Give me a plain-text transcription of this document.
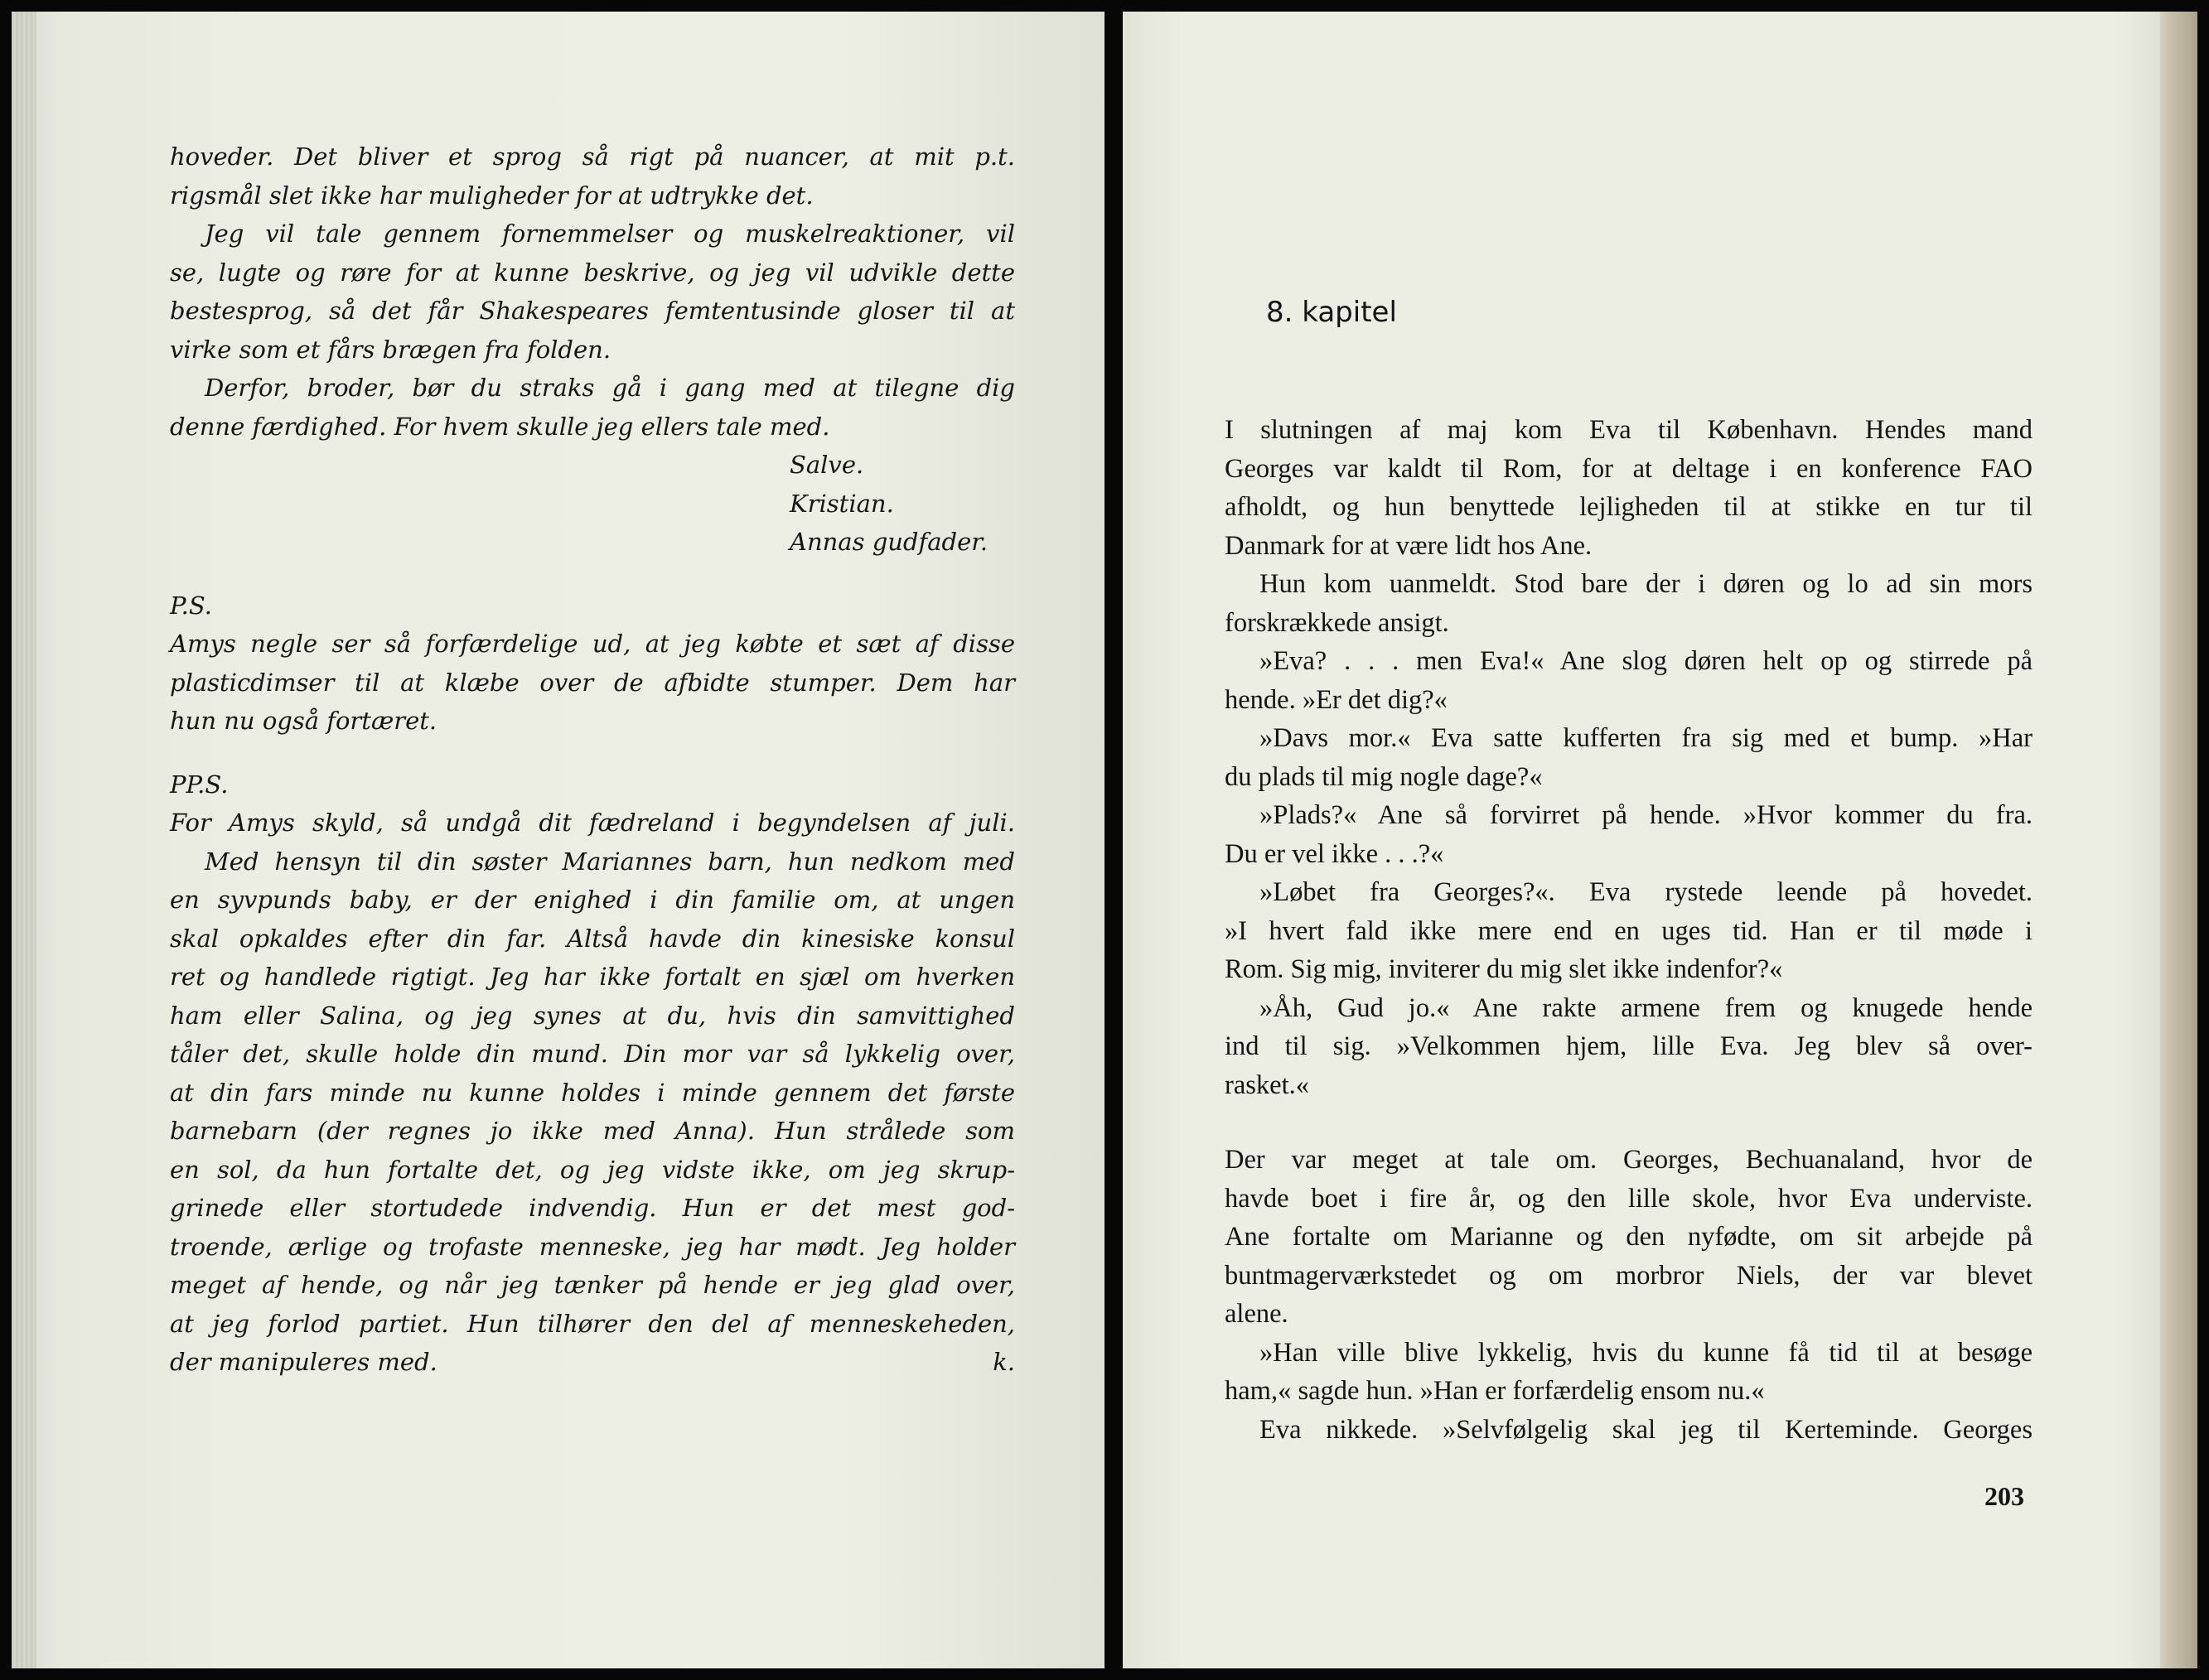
hoveder. Det bliver et sprog så rigt på nuancer, at mit p.t.
rigsmål slet ikke har muligheder for at udtrykke det.
Jeg vil tale gennem fornemmelser og muskelreaktioner, vil
se, lugte og røre for at kunne beskrive, og jeg vil udvikle dette
bestesprog, så det får Shakespeares femtentusinde gloser til at
virke som et fårs brægen fra folden.
Derfor, broder, bør du straks gå i gang med at tilegne dig
denne færdighed. For hvem skulle jeg ellers tale med.
Salve.
Kristian.
Annas gudfader.
P.S.
Amys negle ser så forfærdelige ud, at jeg købte et sæt af disse
plasticdimser til at klæbe over de afbidte stumper. Dem har
hun nu også fortæret.
PP.S.
For Amys skyld, så undgå dit fædreland i begyndelsen af juli.
Med hensyn til din søster Mariannes barn, hun nedkom med
en syvpunds baby, er der enighed i din familie om, at ungen
skal opkaldes efter din far. Altså havde din kinesiske konsul
ret og handlede rigtigt. Jeg har ikke fortalt en sjæl om hverken
ham eller Salina, og jeg synes at du, hvis din samvittighed
tåler det, skulle holde din mund. Din mor var så lykkelig over,
at din fars minde nu kunne holdes i minde gennem det første
barnebarn (der regnes jo ikke med Anna). Hun strålede som
en sol, da hun fortalte det, og jeg vidste ikke, om jeg skrup-
grinede eller stortudede indvendig. Hun er det mest god-
troende, ærlige og trofaste menneske, jeg har mødt. Jeg holder
meget af hende, og når jeg tænker på hende er jeg glad over,
at jeg forlod partiet. Hun tilhører den del af menneskeheden,
der manipuleres med.	k.
8. kapitel
I slutningen af maj kom Eva til København. Hendes mand
Georges var kaldt til Rom, for at deltage i en konference FAO
afholdt, og hun benyttede lejligheden til at stikke en tur til
Danmark for at være lidt hos Ane.
Hun kom uanmeldt. Stod bare der i døren og lo ad sin mors
forskrækkede ansigt.
»Eva? . . . men Eva!« Ane slog døren helt op og stirrede på
hende. »Er det dig?«
»Davs mor.« Eva satte kufferten fra sig med et bump. »Har
du plads til mig nogle dage?«
»Plads?« Ane så forvirret på hende. »Hvor kommer du fra.
Du er vel ikke . . .?«
»Løbet fra Georges?«. Eva rystede leende på hovedet.
»I hvert fald ikke mere end en uges tid. Han er til møde i
Rom. Sig mig, inviterer du mig slet ikke indenfor?«
»Åh, Gud jo.« Ane rakte armene frem og knugede hende
ind til sig. »Velkommen hjem, lille Eva. Jeg blev så over-
rasket.«
Der var meget at tale om. Georges, Bechuanaland, hvor de
havde boet i fire år, og den lille skole, hvor Eva underviste.
Ane fortalte om Marianne og den nyfødte, om sit arbejde på
buntmagerværkstedet og om morbror Niels, der var blevet
alene.
»Han ville blive lykkelig, hvis du kunne få tid til at besøge
ham,« sagde hun. »Han er forfærdelig ensom nu.«
Eva nikkede. »Selvfølgelig skal jeg til Kerteminde. Georges
203
